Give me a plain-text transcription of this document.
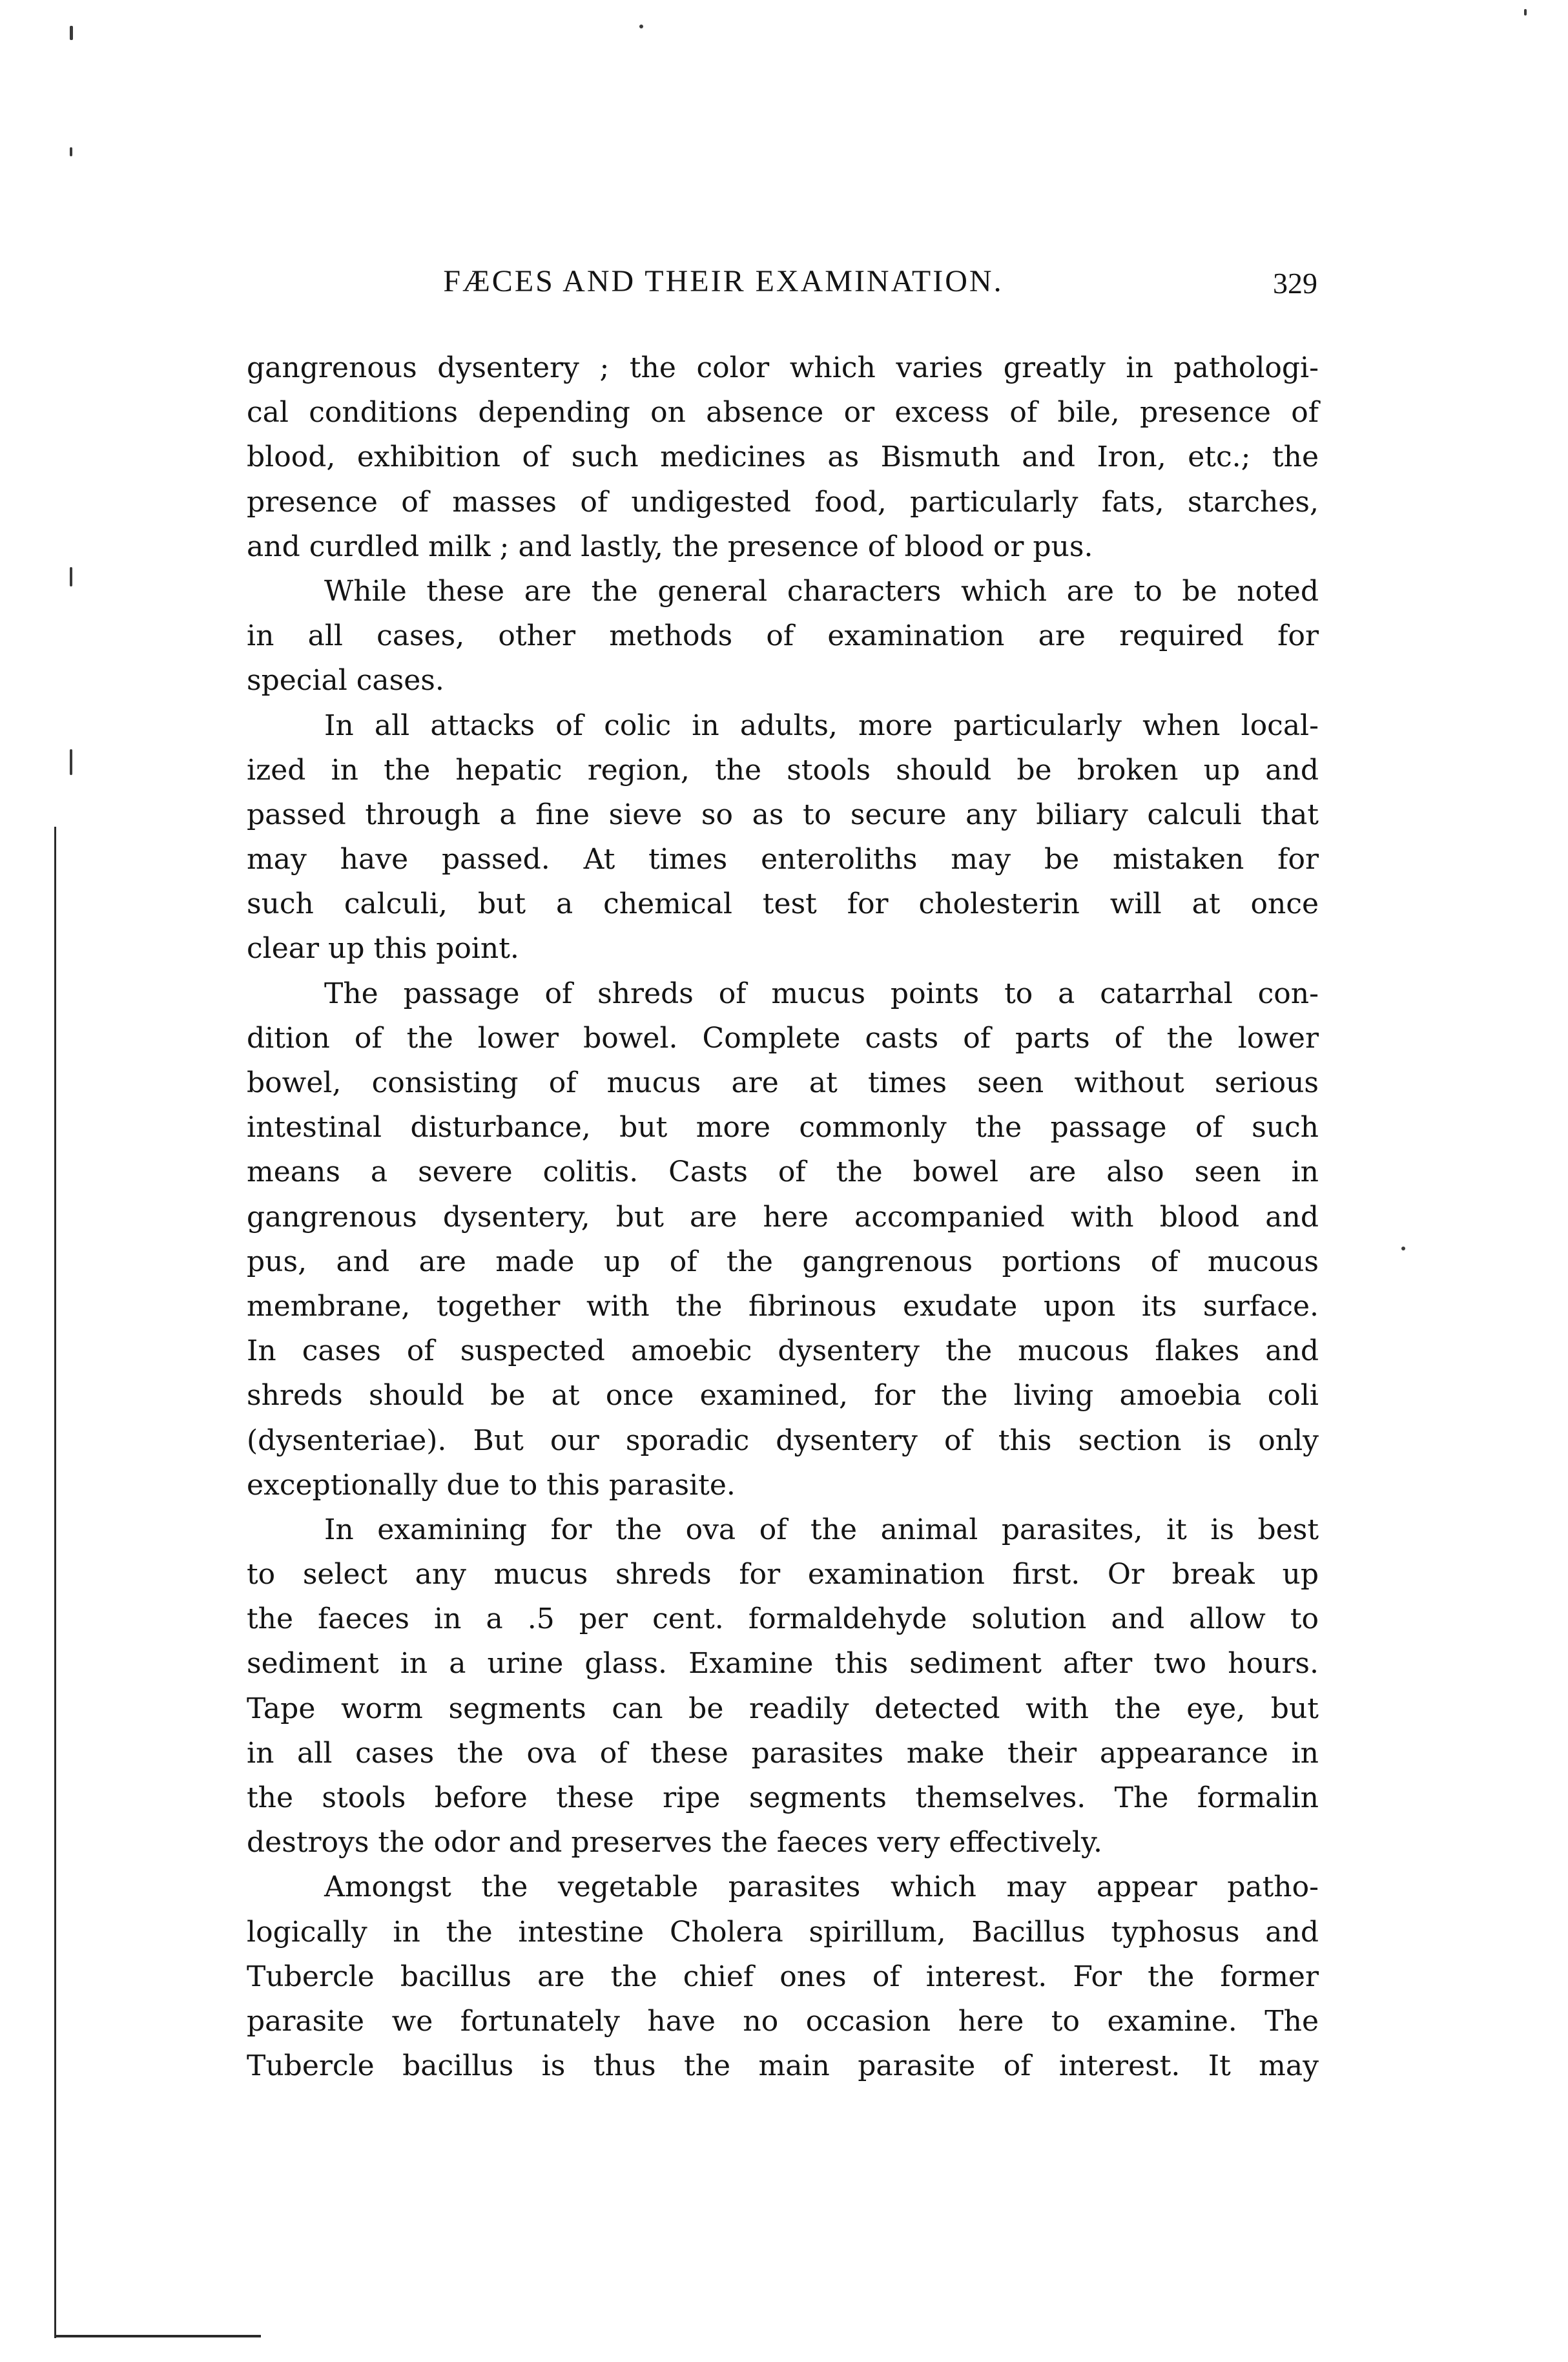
FÆCES AND THEIR EXAMINATION.	329
gangrenous dysentery ; the color which varies greatly in pathologi-
cal conditions depending on absence or excess of bile, presence of
blood, exhibition of such medicines as Bismuth and Iron, etc.; the
presence of masses of undigested food, particularly fats, starches,
and curdled milk ; and lastly, the presence of blood or pus.
While these are the general characters which are to be noted
in all cases, other methods of examination are required for
special cases.
In all attacks of colic in adults, more particularly when local-
ized in the hepatic region, the stools should be broken up and
passed through a fine sieve so as to secure any biliary calculi that
may have passed. At times enteroliths may be mistaken for
such calculi, but a chemical test for cholesterin will at once
clear up this point.
The passage of shreds of mucus points to a catarrhal con-
dition of the lower bowel. Complete casts of parts of the lower
bowel, consisting of mucus are at times seen without serious
intestinal disturbance, but more commonly the passage of such
means a severe colitis. Casts of the bowel are also seen in
gangrenous dysentery, but are here accompanied with blood and
pus, and are made up of the gangrenous portions of mucous
membrane, together with the fibrinous exudate upon its surface.
In cases of suspected amoebic dysentery the mucous flakes and
shreds should be at once examined, for the living amoebia coli
(dysenteriae). But our sporadic dysentery of this section is only
exceptionally due to this parasite.
In examining for the ova of the animal parasites, it is best
to select any mucus shreds for examination first. Or break up
the faeces in a .5 per cent. formaldehyde solution and allow to
sediment in a urine glass. Examine this sediment after two hours.
Tape worm segments can be readily detected with the eye, but
in all cases the ova of these parasites make their appearance in
the stools before these ripe segments themselves. The formalin
destroys the odor and preserves the faeces very effectively.
Amongst the vegetable parasites which may appear patho-
logically in the intestine Cholera spirillum, Bacillus typhosus and
Tubercle bacillus are the chief ones of interest. For the former
parasite we fortunately have no occasion here to examine. The
Tubercle bacillus is thus the main parasite of interest. It may
